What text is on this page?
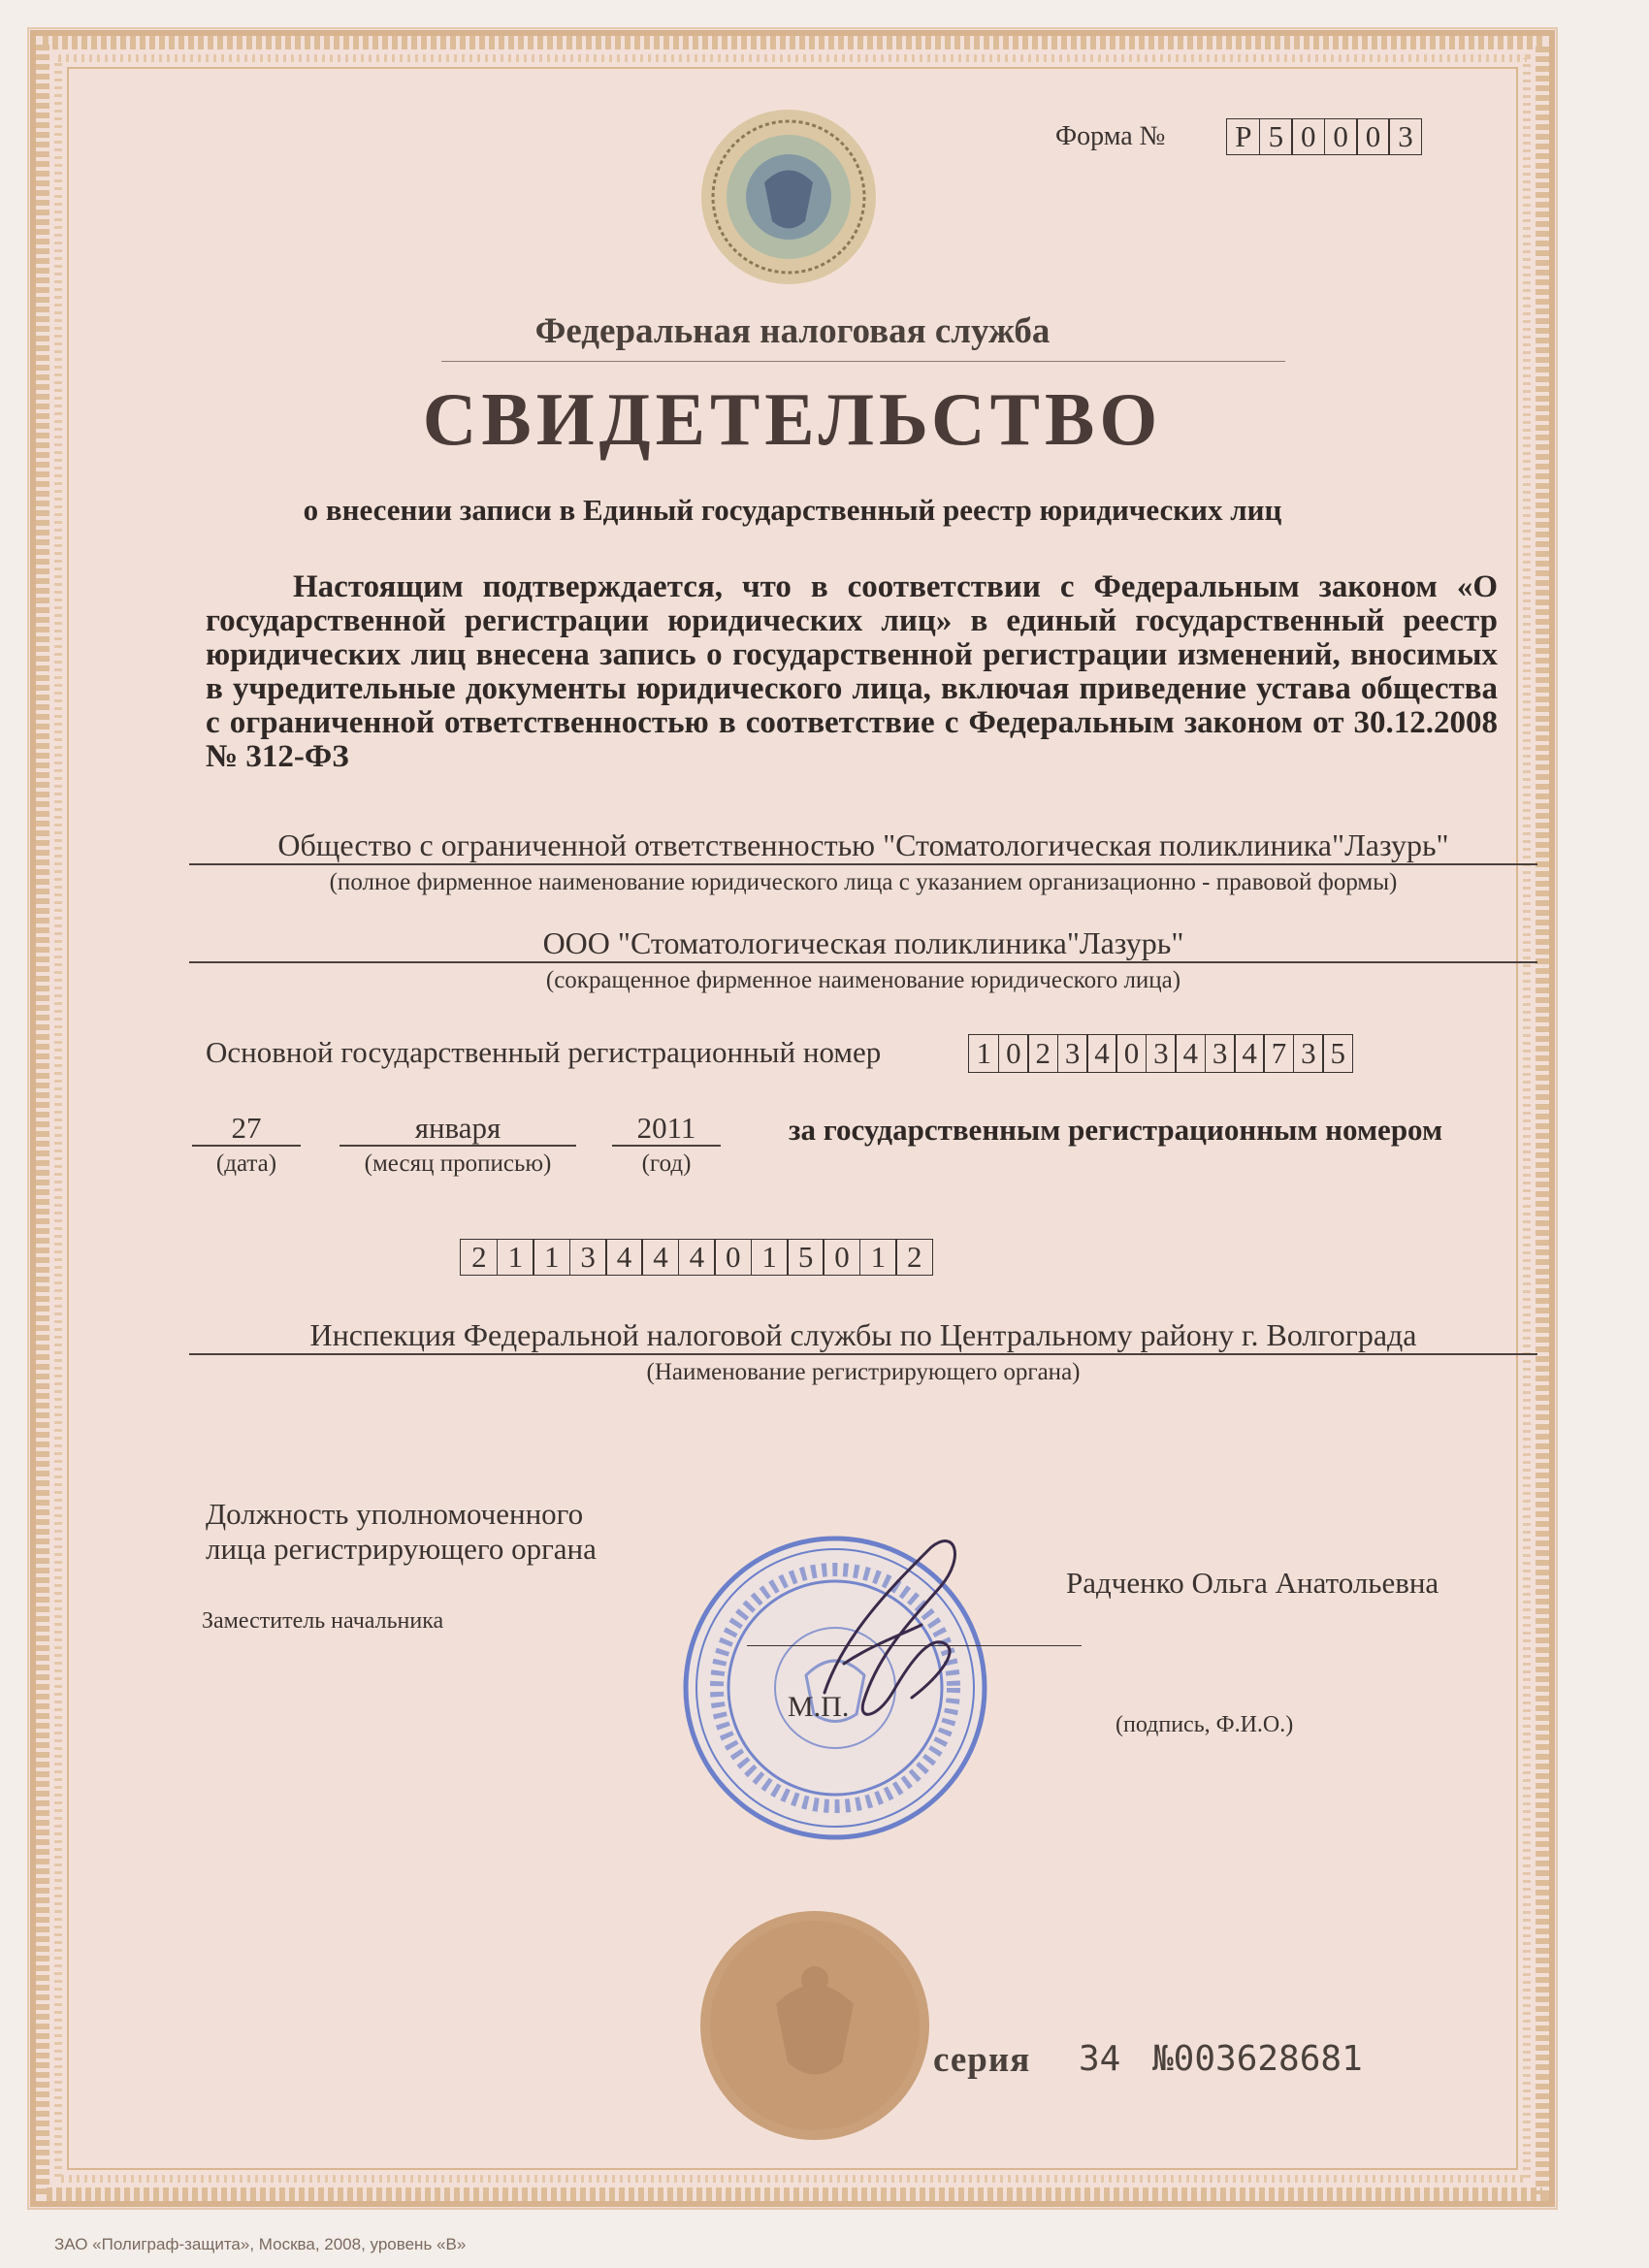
Форма № Р 5 0 0 0 3
Федеральная налоговая служба
СВИДЕТЕЛЬСТВО
о внесении записи в Единый государственный реестр юридических лиц
Настоящим подтверждается, что в соответствии с Федеральным законом «О государственной регистрации юридических лиц» в единый государственный реестр юридических лиц внесена запись о государственной регистрации изменений, вносимых в учредительные документы юридического лица, включая приведение устава общества с ограниченной ответственностью в соответствие с Федеральным законом от 30.12.2008 № 312-ФЗ
Общество с ограниченной ответственностью "Стоматологическая поликлиника"Лазурь"
(полное фирменное наименование юридического лица с указанием организационно - правовой формы)
ООО "Стоматологическая поликлиника"Лазурь"
(сокращенное фирменное наименование юридического лица)
Основной государственный регистрационный номер	1 0 2 3 4 0 3 4 3 4 7 3 5
27
(дата)
января
(месяц прописью)
2011
(год)
за государственным регистрационным номером
2 1 1 3 4 4 4 0 1 5 0 1 2
Инспекция Федеральной налоговой службы по Центральному району г. Волгограда
(Наименование регистрирующего органа)
Должность уполномоченного
лица регистрирующего органа
Заместитель начальника
М.П.
Радченко Ольга Анатольевна
(подпись, Ф.И.О.)
серия 34 №003628681
ЗАО «Полиграф-защита», Москва, 2008, уровень «В»
